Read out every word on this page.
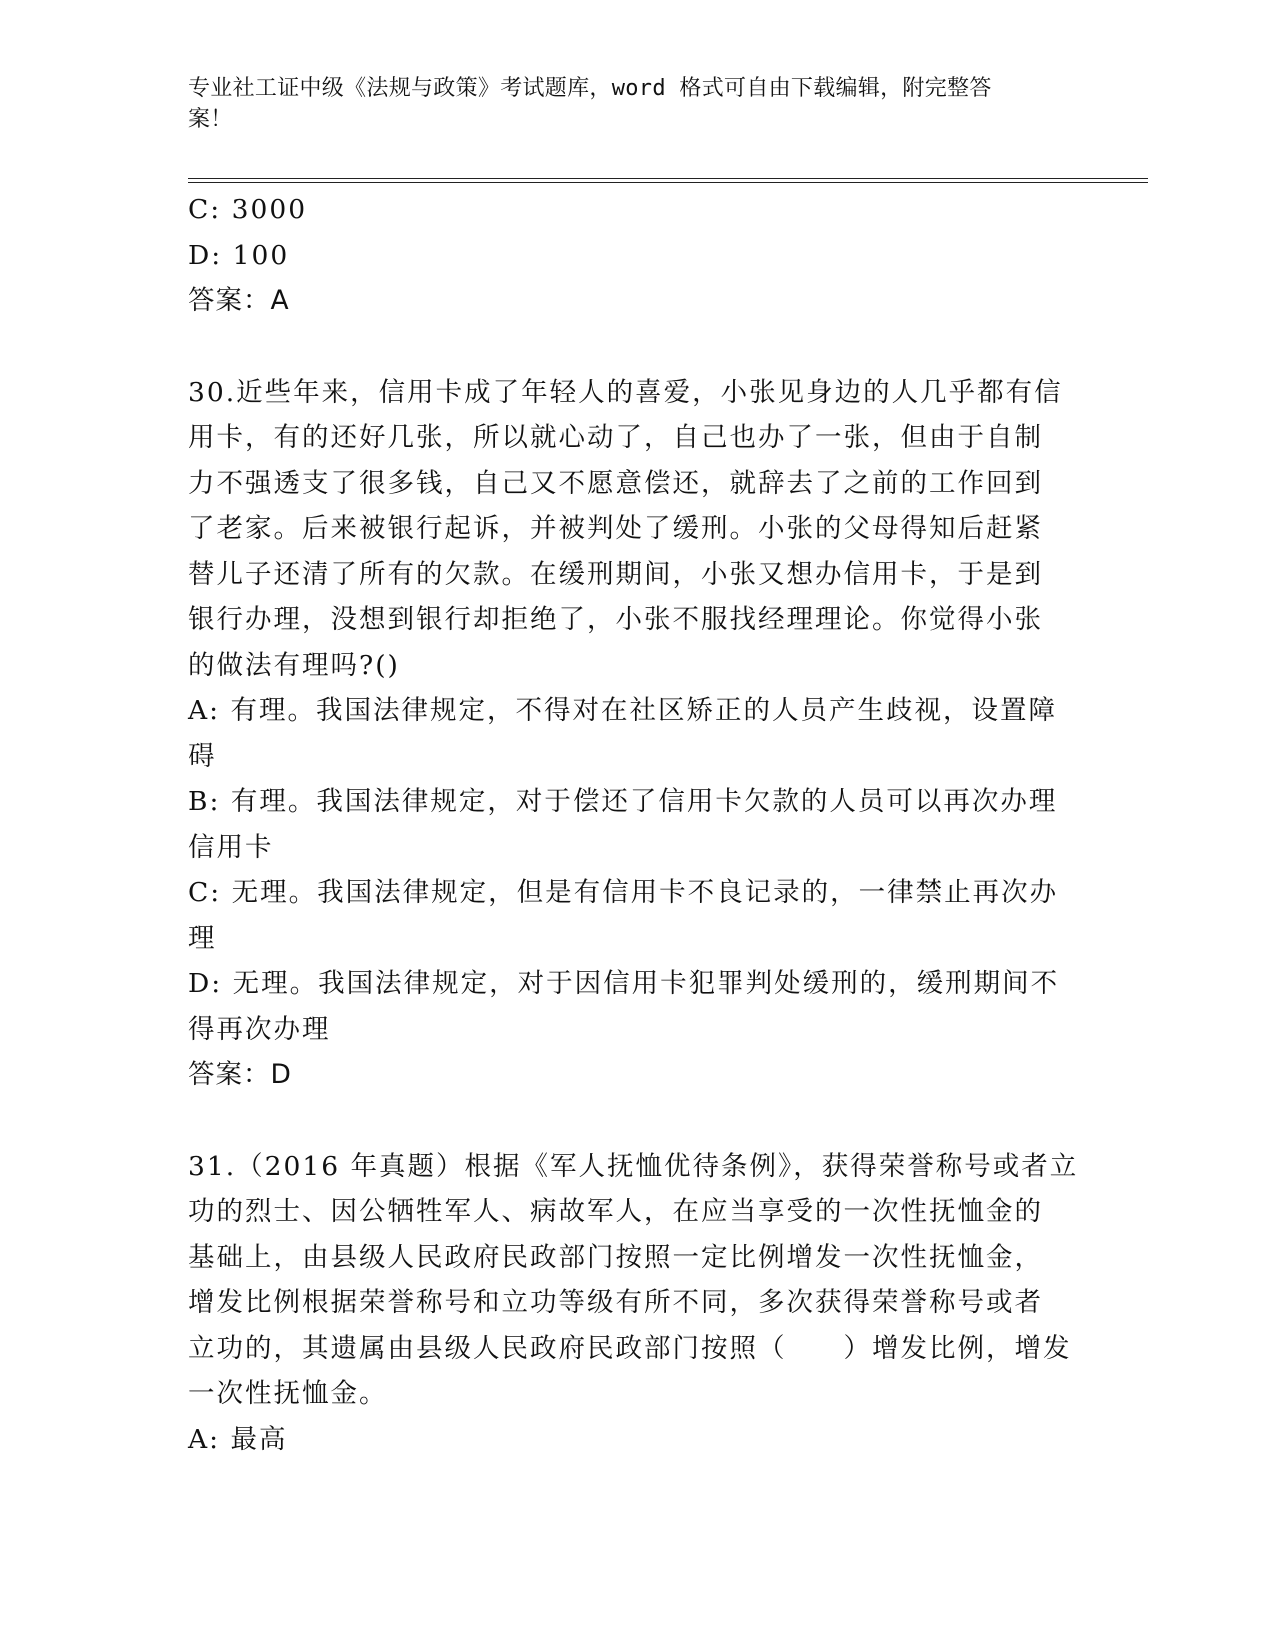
专业社工证中级《法规与政策》考试题库，word 格式可自由下载编辑，附完整答
案！

C: 3000

D: 100

答案：A

30.近些年来，信用卡成了年轻人的喜爱，小张见身边的人几乎都有信

用卡，有的还好几张，所以就心动了，自己也办了一张，但由于自制

力不强透支了很多钱，自己又不愿意偿还，就辞去了之前的工作回到

了老家。后来被银行起诉，并被判处了缓刑。小张的父母得知后赶紧

替儿子还清了所有的欠款。在缓刑期间，小张又想办信用卡，于是到

银行办理，没想到银行却拒绝了，小张不服找经理理论。你觉得小张

的做法有理吗?()

A: 有理。我国法律规定，不得对在社区矫正的人员产生歧视，设置障

碍

B: 有理。我国法律规定，对于偿还了信用卡欠款的人员可以再次办理

信用卡

C: 无理。我国法律规定，但是有信用卡不良记录的，一律禁止再次办

理

D: 无理。我国法律规定，对于因信用卡犯罪判处缓刑的，缓刑期间不

得再次办理

答案：D

31.（2016 年真题）根据《军人抚恤优待条例》，获得荣誉称号或者立

功的烈士、因公牺牲军人、病故军人，在应当享受的一次性抚恤金的

基础上，由县级人民政府民政部门按照一定比例增发一次性抚恤金，

增发比例根据荣誉称号和立功等级有所不同，多次获得荣誉称号或者

立功的，其遗属由县级人民政府民政部门按照（　　）增发比例，增发

一次性抚恤金。

A: 最高
